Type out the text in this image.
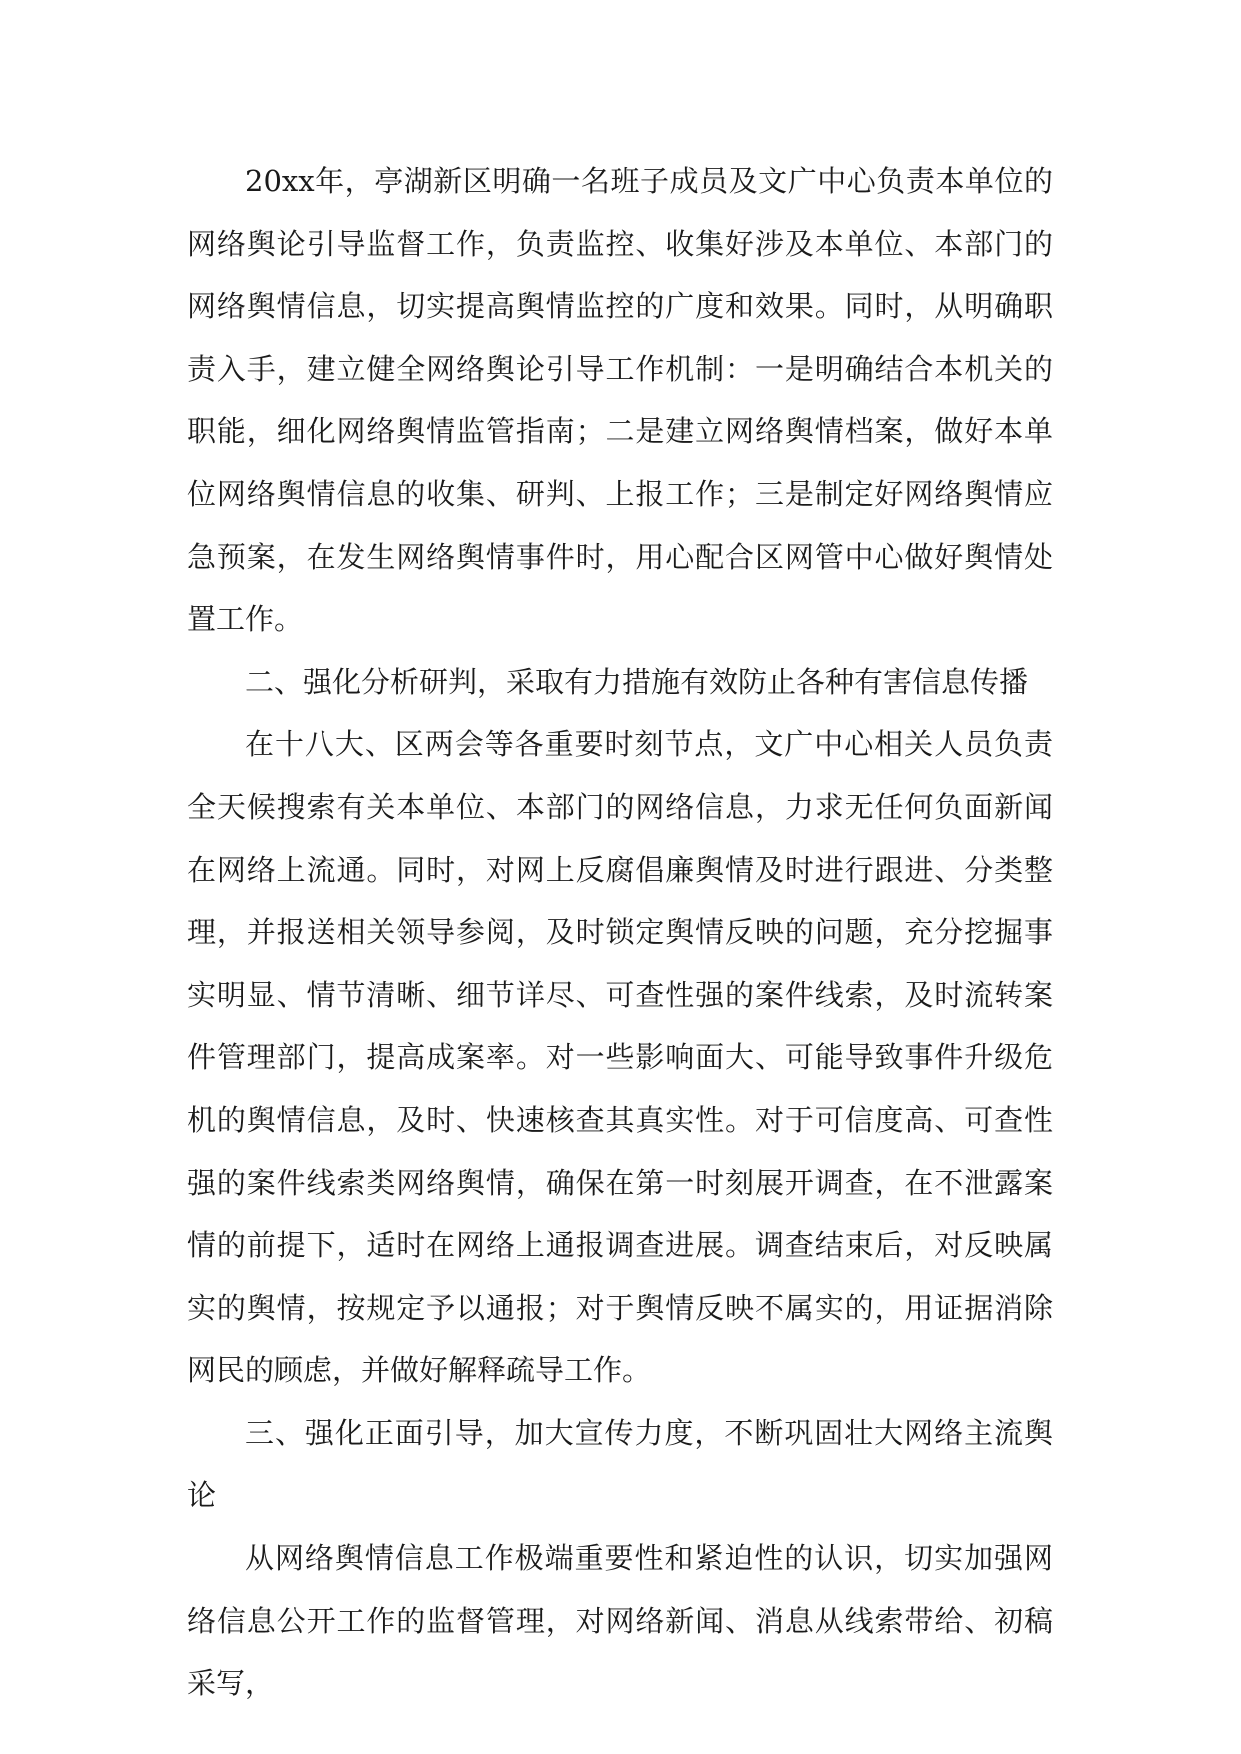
20xx年，亭湖新区明确一名班子成员及文广中心负责本单位的网络舆论引导监督工作，负责监控、收集好涉及本单位、本部门的网络舆情信息，切实提高舆情监控的广度和效果。同时，从明确职责入手，建立健全网络舆论引导工作机制：一是明确结合本机关的职能，细化网络舆情监管指南；二是建立网络舆情档案，做好本单位网络舆情信息的收集、研判、上报工作；三是制定好网络舆情应急预案，在发生网络舆情事件时，用心配合区网管中心做好舆情处置工作。

二、强化分析研判，采取有力措施有效防止各种有害信息传播

在十八大、区两会等各重要时刻节点，文广中心相关人员负责全天候搜索有关本单位、本部门的网络信息，力求无任何负面新闻在网络上流通。同时，对网上反腐倡廉舆情及时进行跟进、分类整理，并报送相关领导参阅，及时锁定舆情反映的问题，充分挖掘事实明显、情节清晰、细节详尽、可查性强的案件线索，及时流转案件管理部门，提高成案率。对一些影响面大、可能导致事件升级危机的舆情信息，及时、快速核查其真实性。对于可信度高、可查性强的案件线索类网络舆情，确保在第一时刻展开调查，在不泄露案情的前提下，适时在网络上通报调查进展。调查结束后，对反映属实的舆情，按规定予以通报；对于舆情反映不属实的，用证据消除网民的顾虑，并做好解释疏导工作。

三、强化正面引导，加大宣传力度，不断巩固壮大网络主流舆论

从网络舆情信息工作极端重要性和紧迫性的认识，切实加强网络信息公开工作的监督管理，对网络新闻、消息从线索带给、初稿采写，
